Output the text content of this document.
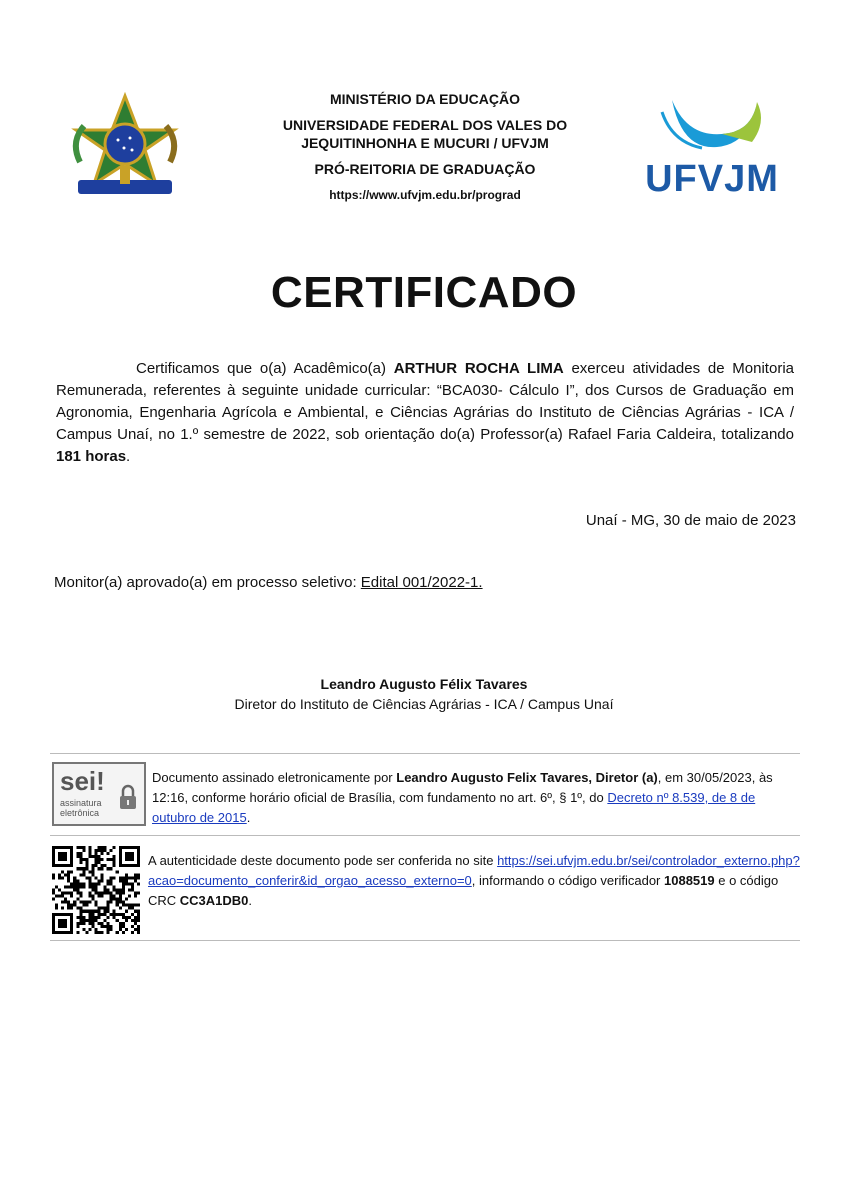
MINISTÉRIO DA EDUCAÇÃO
UNIVERSIDADE FEDERAL DOS VALES DO
JEQUITINHONHA E MUCURI / UFVJM
PRÓ-REITORIA DE GRADUAÇÃO
https://www.ufvjm.edu.br/prograd	UFVJM
CERTIFICADO
Certificamos que o(a) Acadêmico(a) ARTHUR ROCHA LIMA exerceu atividades de Monitoria Remunerada, referentes à seguinte unidade curricular: “BCA030- Cálculo I”, dos Cursos de Graduação em Agronomia, Engenharia Agrícola e Ambiental, e Ciências Agrárias do Instituto de Ciências Agrárias - ICA / Campus Unaí, no 1.º semestre de 2022, sob orientação do(a) Professor(a) Rafael Faria Caldeira, totalizando 181 horas.
Unaí - MG, 30 de maio de 2023
Monitor(a) aprovado(a) em processo seletivo: Edital 001/2022-1.
Leandro Augusto Félix Tavares
Diretor do Instituto de Ciências Agrárias - ICA / Campus Unaí
sei!
assinatura
eletrônica
Documento assinado eletronicamente por Leandro Augusto Felix Tavares, Diretor (a), em 30/05/2023, às 12:16, conforme horário oficial de Brasília, com fundamento no art. 6º, § 1º, do Decreto nº 8.539, de 8 de outubro de 2015.
A autenticidade deste documento pode ser conferida no site https://sei.ufvjm.edu.br/sei/controlador_externo.php?acao=documento_conferir&id_orgao_acesso_externo=0, informando o código verificador 1088519 e o código CRC CC3A1DB0.
